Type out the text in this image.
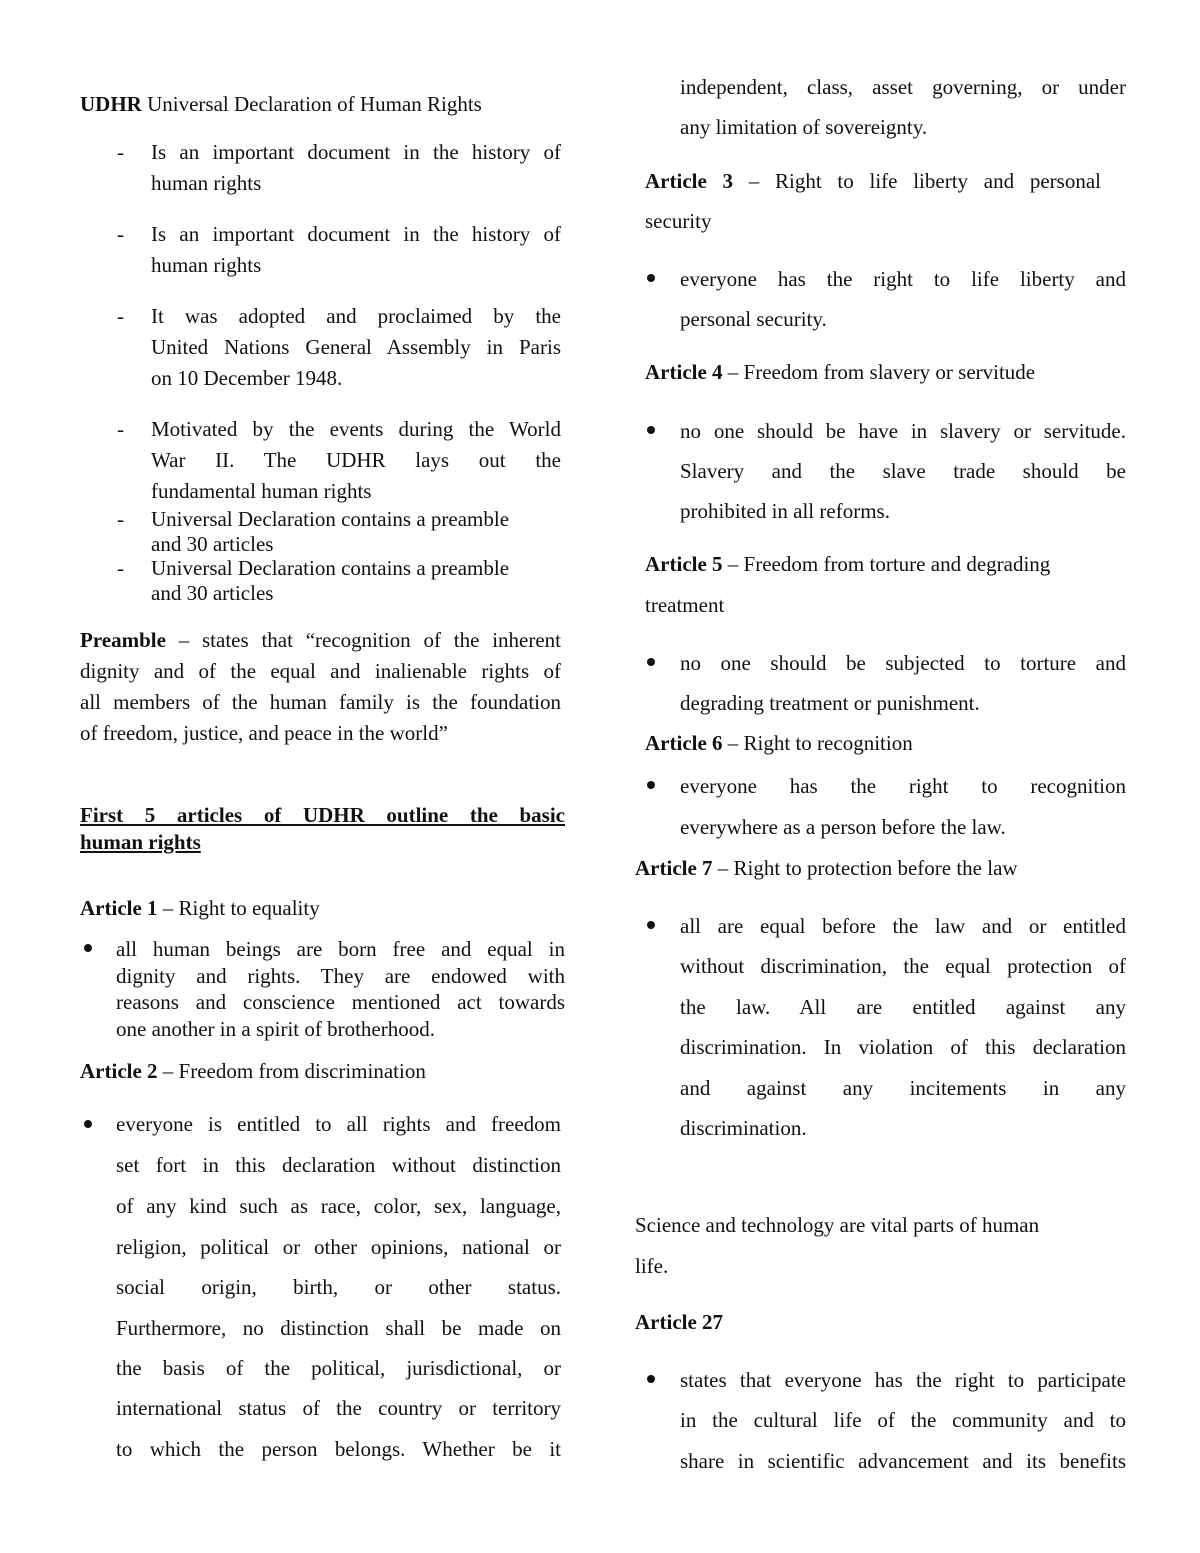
UDHR Universal Declaration of Human Rights

- Is an important document in the history of

human rights

- Is an important document in the history of

human rights

- It was adopted and proclaimed by the

United Nations General Assembly in Paris

on 10 December 1948.

- Motivated by the events during the World

War II. The UDHR lays out the

fundamental human rights

- Universal Declaration contains a preamble

and 30 articles

- Universal Declaration contains a preamble

and 30 articles

Preamble – states that “recognition of the inherent

dignity and of the equal and inalienable rights of

all members of the human family is the foundation

of freedom, justice, and peace in the world”

First 5 articles of UDHR outline the basic

human rights

Article 1 – Right to equality

all human beings are born free and equal in

dignity and rights. They are endowed with

reasons and conscience mentioned act towards

one another in a spirit of brotherhood.

Article 2 – Freedom from discrimination

everyone is entitled to all rights and freedom

set fort in this declaration without distinction

of any kind such as race, color, sex, language,

religion, political or other opinions, national or

social origin, birth, or other status.

Furthermore, no distinction shall be made on

the basis of the political, jurisdictional, or

international status of the country or territory

to which the person belongs. Whether be it

independent, class, asset governing, or under

any limitation of sovereignty.

Article 3 – Right to life liberty and personal

security

everyone has the right to life liberty and

personal security.

Article 4 – Freedom from slavery or servitude

no one should be have in slavery or servitude.

Slavery and the slave trade should be

prohibited in all reforms.

Article 5 – Freedom from torture and degrading

treatment

no one should be subjected to torture and

degrading treatment or punishment.

Article 6 – Right to recognition

everyone has the right to recognition

everywhere as a person before the law.

Article 7 – Right to protection before the law

all are equal before the law and or entitled

without discrimination, the equal protection of

the law. All are entitled against any

discrimination. In violation of this declaration

and against any incitements in any

discrimination.

Science and technology are vital parts of human

life.

Article 27

states that everyone has the right to participate

in the cultural life of the community and to

share in scientific advancement and its benefits
